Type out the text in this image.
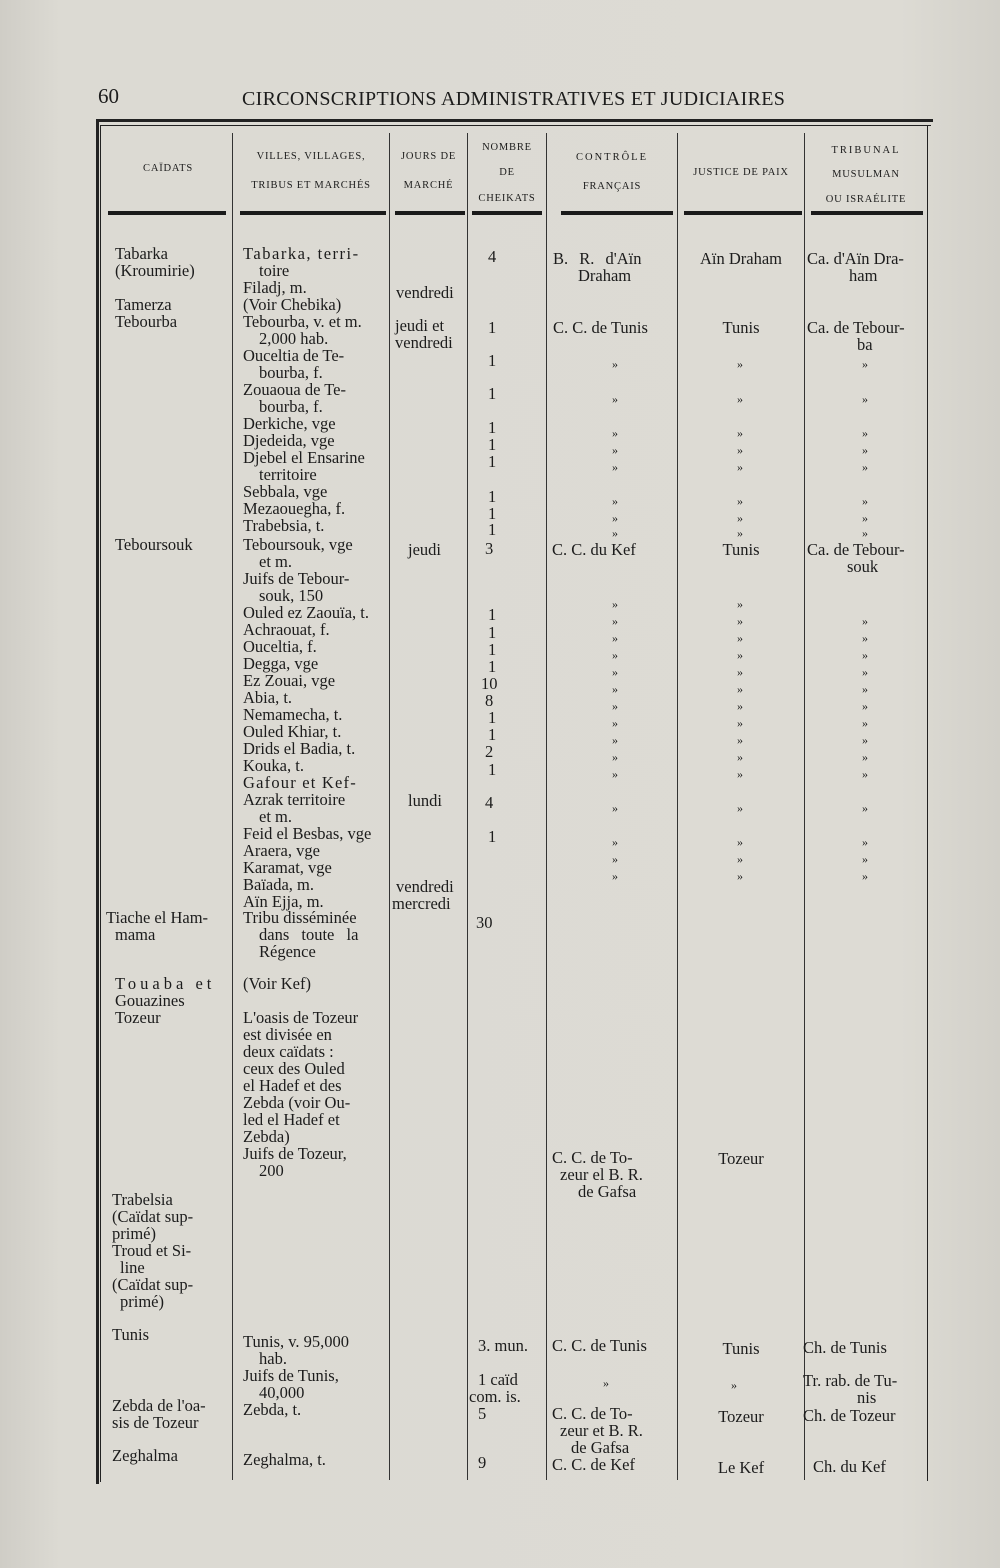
60	CIRCONSCRIPTIONS ADMINISTRATIVES ET JUDICIAIRES
CAÏDATS
VILLES, VILLAGES,
TRIBUS ET MARCHÉS
JOURS DE
MARCHÉ
NOMBRE
DE
CHEIKATS
CONTRÔLE
FRANÇAIS
JUSTICE DE PAIX
TRIBUNAL
MUSULMAN
OU ISRAÉLITE
Tabarka
(Kroumirie)
Tamerza
Tebourba
Teboursouk
Tiache el Ham-
mama
Touaba et
Gouazines
Tozeur
Trabelsia
(Caïdat sup-
primé)
Troud et Si-
line
(Caïdat sup-
primé)
Tunis
Zebda de l'oa-
sis de Tozeur
Zeghalma
Tabarka, terri-
toire
Filadj, m.
(Voir Chebika)
Tebourba, v. et m.
2,000 hab.
Ouceltia de Te-
bourba, f.
Zouaoua de Te-
bourba, f.
Derkiche, vge
Djedeida, vge
Djebel el Ensarine
territoire
Sebbala, vge
Mezaouegha, f.
Trabebsia, t.
Teboursouk, vge
et m.
Juifs de Tebour-
souk, 150
Ouled ez Zaouïa, t.
Achraouat, f.
Ouceltia, f.
Degga, vge
Ez Zouai, vge
Abia, t.
Nemamecha, t.
Ouled Khiar, t.
Drids el Badia, t.
Kouka, t.
Gafour et Kef-
Azrak territoire
et m.
Feid el Besbas, vge
Araera, vge
Karamat, vge
Baïada, m.
Aïn Ejja, m.
Tribu disséminée
dans toute la
Régence
(Voir Kef)
L'oasis de Tozeur
est divisée en
deux caïdats :
ceux des Ouled
el Hadef et des
Zebda (voir Ou-
led el Hadef et
Zebda)
Juifs de Tozeur,
200
Tunis, v. 95,000
hab.
Juifs de Tunis,
40,000
Zebda, t.
Zeghalma, t.
vendredi
jeudi et
vendredi
jeudi
lundi
vendredi
mercredi
4
1
1
1
1
1
1
1
1
1
3
1
1
1
1
10
8
1
1
2
1
4
1
30
3. mun.
1 caïd
com. is.
5
9
B. R. d'Aïn
Draham
C. C. de Tunis
C. C. du Kef
C. C. de To-
zeur el B. R.
de Gafsa
C. C. de Tunis
C. C. de To-
zeur et B. R.
de Gafsa
C. C. de Kef
Aïn Draham
Tunis
Tunis
Tozeur
Tunis
Tozeur
Le Kef
Ca. d'Aïn Dra-
ham
Ca. de Tebour-
ba
Ca. de Tebour-
souk
Ch. de Tunis
Tr. rab. de Tu-
nis
Ch. de Tozeur
Ch. du Kef
»
»
»
»
»
»
»
»
»
»
»
»
»
»
»
»
»
»
»
»
»
»
»
»
»
»
»
»
»
»
»
»
»
»
»
»
»
»
»
»
»
»
»
»
»
»
»
»
»
»
»
»
»
»
»
»
»
»
»
»
»
»
»
»
»
»
»
»
»
»
